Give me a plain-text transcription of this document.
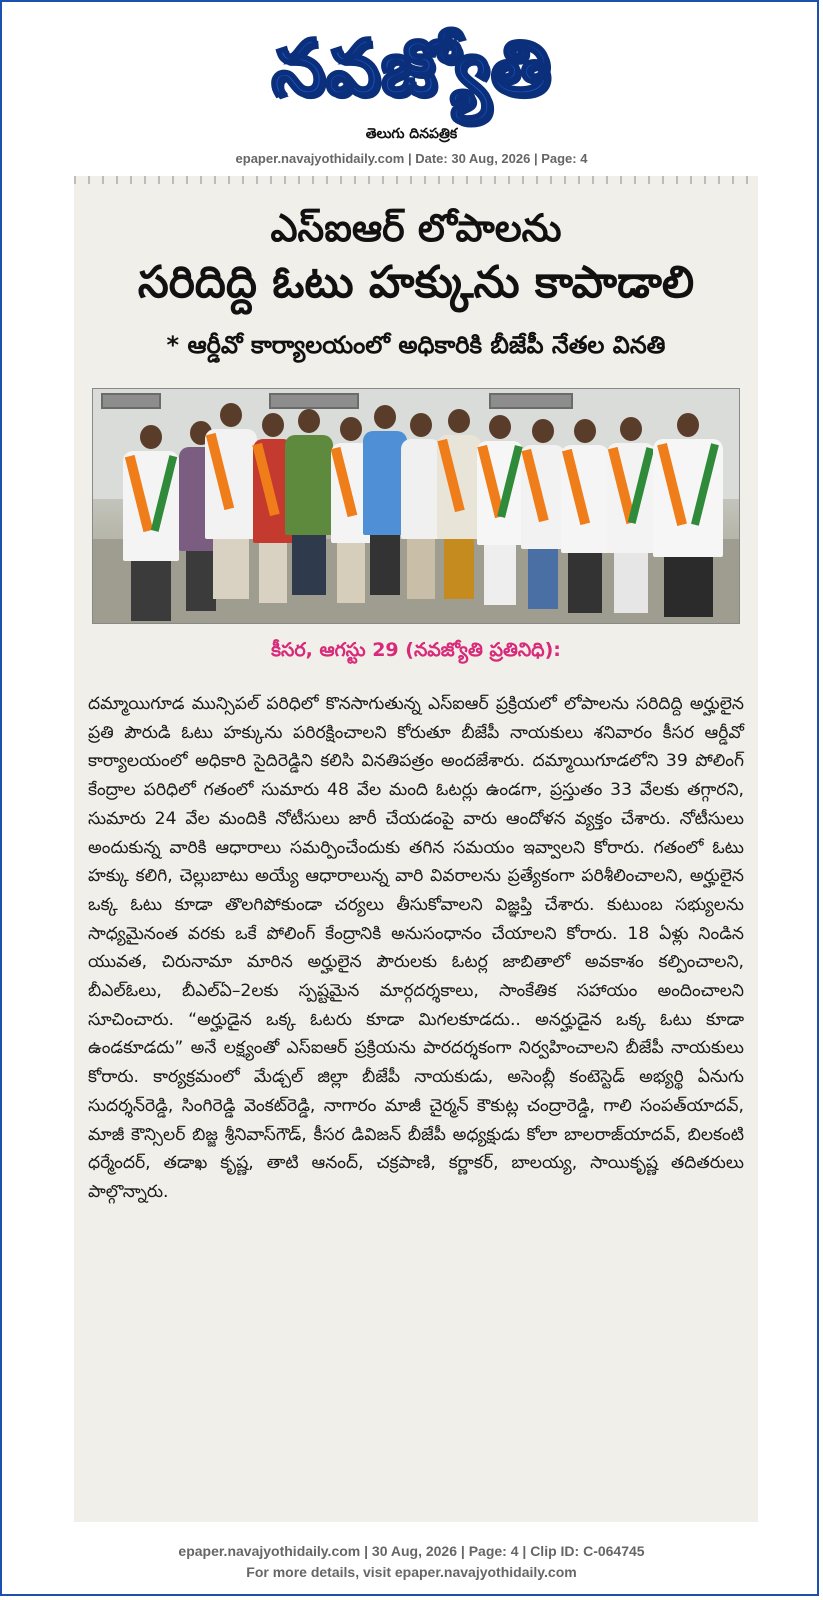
నవజ్యోతి
తెలుగు దినపత్రిక
epaper.navajyothidaily.com | Date: 30 Aug, 2026 | Page: 4
ఎస్ఐఆర్ లోపాలను
సరిదిద్ది ఓటు హక్కును కాపాడాలి
* ఆర్డీవో కార్యాలయంలో అధికారికి బీజేపీ నేతల వినతి
కీసర, ఆగస్టు 29 (నవజ్యోతి ప్రతినిధి):
దమ్మాయిగూడ మున్సిపల్ పరిధిలో కొనసాగుతున్న ఎస్ఐఆర్ ప్రక్రియలో లోపాలను సరిదిద్ది అర్హులైన ప్రతి పౌరుడి ఓటు హక్కును పరిరక్షించాలని కోరుతూ బీజేపీ నాయకులు శనివారం కీసర ఆర్డీవో కార్యాలయంలో అధికారి సైదిరెడ్డిని కలిసి వినతిపత్రం అందజేశారు. దమ్మాయిగూడలోని 39 పోలింగ్ కేంద్రాల పరిధిలో గతంలో సుమారు 48 వేల మంది ఓటర్లు ఉండగా, ప్రస్తుతం 33 వేలకు తగ్గారని, సుమారు 24 వేల మందికి నోటీసులు జారీ చేయడంపై వారు ఆందోళన వ్యక్తం చేశారు. నోటీసులు అందుకున్న వారికి ఆధారాలు సమర్పించేందుకు తగిన సమయం ఇవ్వాలని కోరారు. గతంలో ఓటు హక్కు కలిగి, చెల్లుబాటు అయ్యే ఆధారాలున్న వారి వివరాలను ప్రత్యేకంగా పరిశీలించాలని, అర్హులైన ఒక్క ఓటు కూడా తొలగిపోకుండా చర్యలు తీసుకోవాలని విజ్ఞప్తి చేశారు. కుటుంబ సభ్యులను సాధ్యమైనంత వరకు ఒకే పోలింగ్ కేంద్రానికి అనుసంధానం చేయాలని కోరారు. 18 ఏళ్లు నిండిన యువత, చిరునామా మారిన అర్హులైన పౌరులకు ఓటర్ల జాబితాలో అవకాశం కల్పించాలని, బీఎల్ఓలు, బీఎల్ఏ–2లకు స్పష్టమైన మార్గదర్శకాలు, సాంకేతిక సహాయం అందించాలని సూచించారు. “అర్హుడైన ఒక్క ఓటరు కూడా మిగలకూడదు.. అనర్హుడైన ఒక్క ఓటు కూడా ఉండకూడదు” అనే లక్ష్యంతో ఎస్ఐఆర్ ప్రక్రియను పారదర్శకంగా నిర్వహించాలని బీజేపీ నాయకులు కోరారు. కార్యక్రమంలో మేడ్చల్ జిల్లా బీజేపీ నాయకుడు, అసెంబ్లీ కంటెస్టెడ్ అభ్యర్థి ఏనుగు సుదర్శన్‌రెడ్డి, సింగిరెడ్డి వెంకట్‌రెడ్డి, నాగారం మాజీ చైర్మన్ కౌకుట్ల చంద్రారెడ్డి, గాలి సంపత్‌యాదవ్, మాజీ కౌన్సిలర్ బిజ్జ శ్రీనివాస్‌గౌడ్, కీసర డివిజన్ బీజేపీ అధ్యక్షుడు కోలా బాలరాజ్‌యాదవ్, బిలకంటి ధర్మేందర్, తడాఖ కృష్ణ, తాటి ఆనంద్, చక్రపాణి, కర్ణాకర్, బాలయ్య, సాయికృష్ణ తదితరులు పాల్గొన్నారు.
epaper.navajyothidaily.com | 30 Aug, 2026 | Page: 4 | Clip ID: C-064745
For more details, visit epaper.navajyothidaily.com
